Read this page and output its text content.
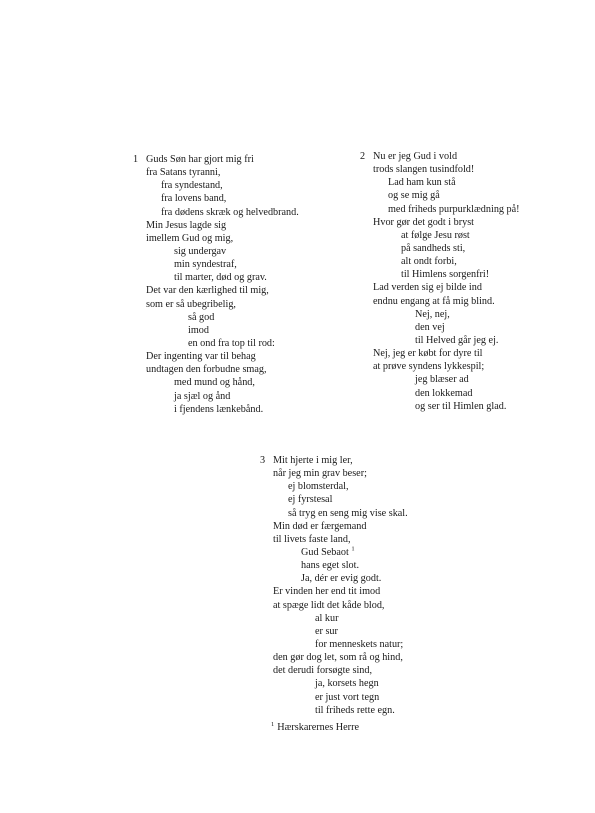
1 Guds Søn har gjort mig fri
fra Satans tyranni,
fra syndestand,
fra lovens band,
fra dødens skræk og helvedbrand.
Min Jesus lagde sig
imellem Gud og mig,
sig undergav
min syndestraf,
til marter, død og grav.
Det var den kærlighed til mig,
som er så ubegribelig,
så god
imod
en ond fra top til rod:
Der ingenting var til behag
undtagen den forbudne smag,
med mund og hånd,
ja sjæl og ånd
i fjendens lænkebånd.
2 Nu er jeg Gud i vold
trods slangen tusindfold!
Lad ham kun stå
og se mig gå
med friheds purpurklædning på!
Hvor gør det godt i bryst
at følge Jesu røst
på sandheds sti,
alt ondt forbi,
til Himlens sorgenfri!
Lad verden sig ej bilde ind
endnu engang at få mig blind.
Nej, nej,
den vej
til Helved går jeg ej.
Nej, jeg er købt for dyre til
at prøve syndens lykkespil;
jeg blæser ad
den lokkemad
og ser til Himlen glad.
3 Mit hjerte i mig ler,
når jeg min grav beser;
ej blomsterdal,
ej fyrstesal
så tryg en seng mig vise skal.
Min død er færgemand
til livets faste land,
Gud Sebaot $^1$
hans eget slot.
Ja, dér er evig godt.
Er vinden her end tit imod
at spæge lidt det kåde blod,
al kur
er sur
for menneskets natur;
den gør dog let, som rå og hind,
det derudi forsøgte sind,
ja, korsets hegn
er just vort tegn
til friheds rette egn.
$^1$ Hærskarernes Herre
